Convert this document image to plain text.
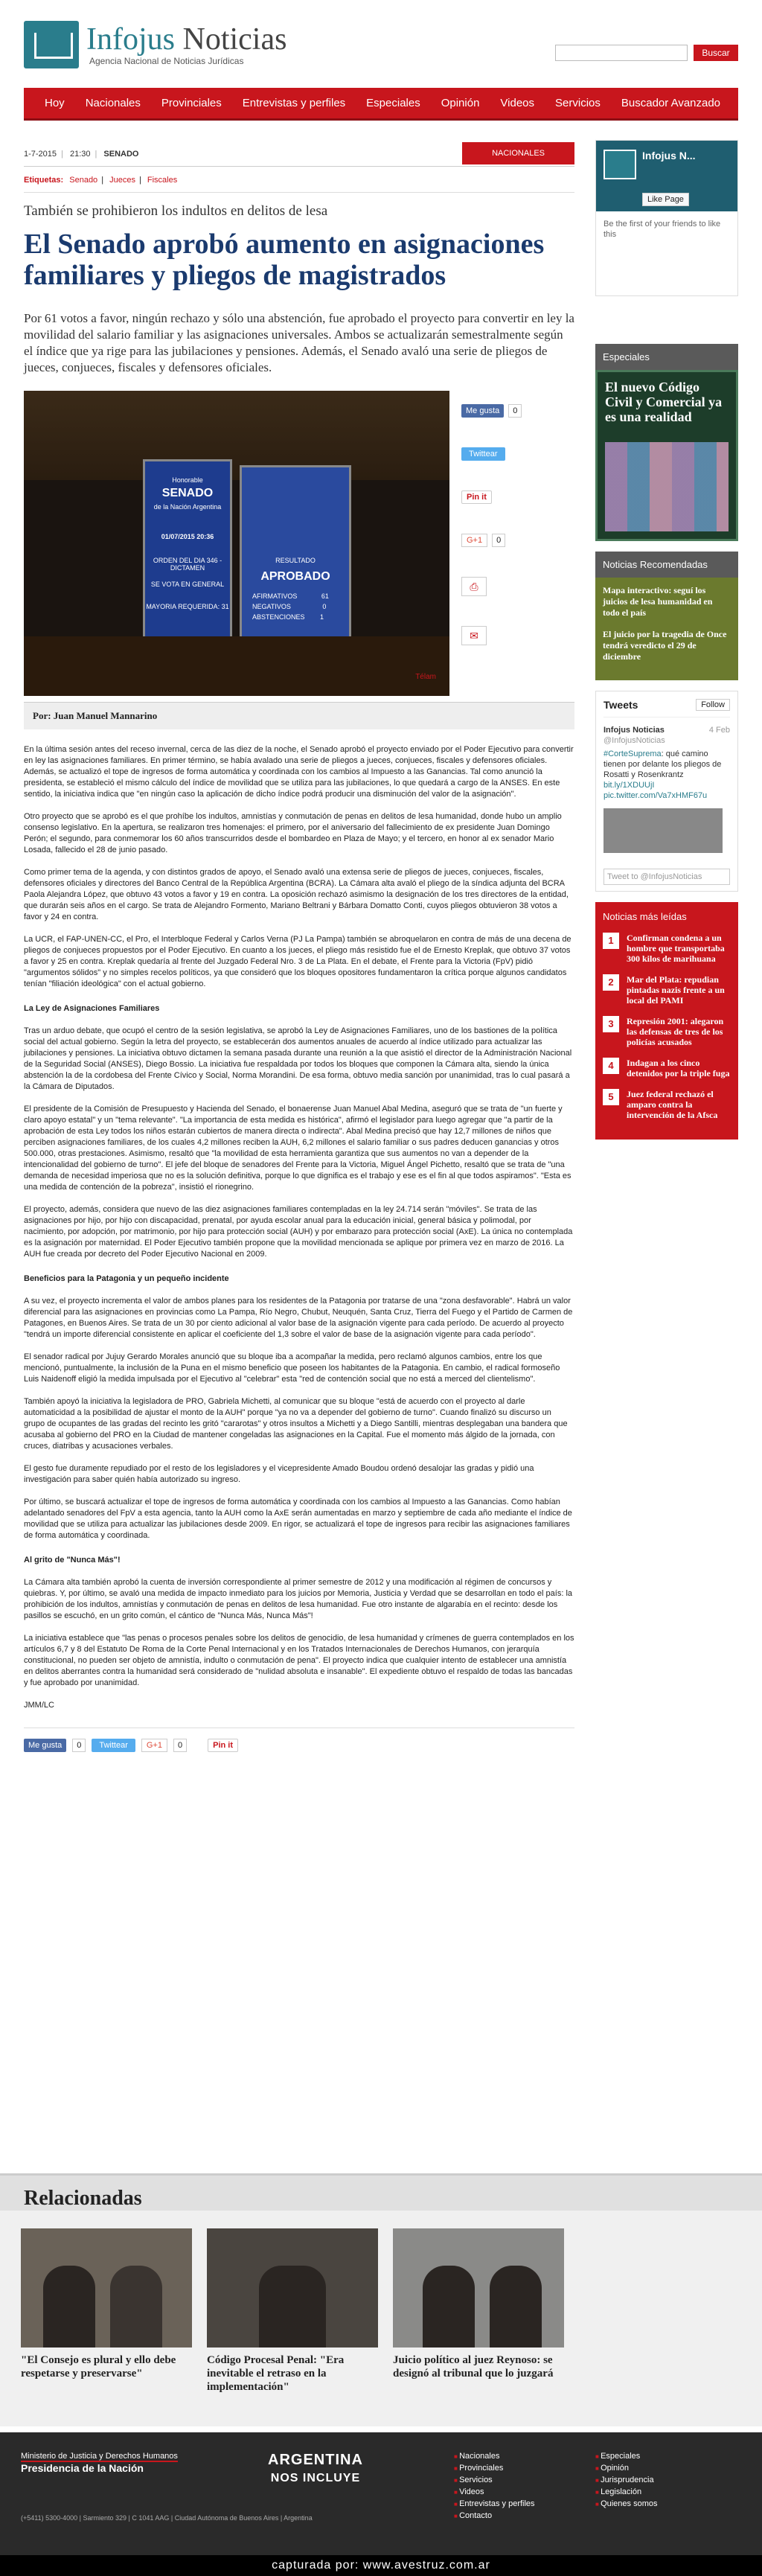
Infojus Noticias
Agencia Nacional de Noticias Jurídicas
Buscar
Hoy	Nacionales	Provinciales	Entrevistas y perfiles	Especiales	Opinión	Videos	Servicios	Buscador Avanzado
1-7-2015 | 21:30 | SENADO	NACIONALES
Etiquetas: Senado | Jueces | Fiscales
También se prohibieron los indultos en delitos de lesa
El Senado aprobó aumento en asignaciones familiares y pliegos de magistrados

Por 61 votos a favor, ningún rechazo y sólo una abstención, fue aprobado el proyecto para convertir en ley la movilidad del salario familiar y las asignaciones universales. Ambos se actualizarán semestralmente según el índice que ya rige para las jubilaciones y pensiones. Además, el Senado avaló una serie de pliegos de jueces, conjueces, fiscales y defensores oficiales.

Honorable
SENADO
de la Nación Argentina
01/07/2015 20:36
ORDEN DEL DIA 346 - DICTAMEN
SE VOTA EN GENERAL
MAYORIA REQUERIDA: 31
RESULTADO
APROBADO
AFIRMATIVOS	61
NEGATIVOS	0
ABSTENCIONES 1
Télam
Me gusta	0
Twittear
Pin it
G+1	0
⎙
✉
Por: Juan Manuel Mannarino

En la última sesión antes del receso invernal, cerca de las diez de la noche, el Senado aprobó el proyecto enviado por el Poder Ejecutivo para convertir en ley las asignaciones familiares. En primer término, se había avalado una serie de pliegos a jueces, conjueces, fiscales y defensores oficiales. Además, se actualizó el tope de ingresos de forma automática y coordinada con los cambios al Impuesto a las Ganancias. Tal como anunció la presidenta, se estableció el mismo cálculo del índice de movilidad que se utiliza para las jubilaciones, lo que quedará a cargo de la ANSES. En este sentido, la iniciativa indica que "en ningún caso la aplicación de dicho índice podrá producir una disminución del valor de la asignación".

Otro proyecto que se aprobó es el que prohíbe los indultos, amnistías y conmutación de penas en delitos de lesa humanidad, donde hubo un amplio consenso legislativo. En la apertura, se realizaron tres homenajes: el primero, por el aniversario del fallecimiento de ex presidente Juan Domingo Perón; el segundo, para conmemorar los 60 años transcurridos desde el bombardeo en Plaza de Mayo; y el tercero, en honor al ex senador Mario Losada, fallecido el 28 de junio pasado.

Como primer tema de la agenda, y con distintos grados de apoyo, el Senado avaló una extensa serie de pliegos de jueces, conjueces, fiscales, defensores oficiales y directores del Banco Central de la República Argentina (BCRA). La Cámara alta avaló el pliego de la síndica adjunta del BCRA Paola Alejandra López, que obtuvo 43 votos a favor y 19 en contra. La oposición rechazó asimismo la designación de los tres directores de la entidad, que durarán seis años en el cargo. Se trata de Alejandro Formento, Mariano Beltrani y Bárbara Domatto Conti, cuyos pliegos obtuvieron 38 votos a favor y 24 en contra.

La UCR, el FAP-UNEN-CC, el Pro, el Interbloque Federal y Carlos Verna (PJ La Pampa) también se abroquelaron en contra de más de una decena de pliegos de conjueces propuestos por el Poder Ejecutivo. En cuanto a los jueces, el pliego más resistido fue el de Ernesto Kreplak, que obtuvo 37 votos a favor y 25 en contra. Kreplak quedaría al frente del Juzgado Federal Nro. 3 de La Plata. En el debate, el Frente para la Victoria (FpV) pidió "argumentos sólidos" y no simples recelos políticos, ya que consideró que los bloques opositores fundamentaron la crítica porque algunos candidatos tenían "filiación ideológica" con el actual gobierno.

La Ley de Asignaciones Familiares

Tras un arduo debate, que ocupó el centro de la sesión legislativa, se aprobó la Ley de Asignaciones Familiares, uno de los bastiones de la política social del actual gobierno. Según la letra del proyecto, se establecerán dos aumentos anuales de acuerdo al índice utilizado para actualizar las jubilaciones y pensiones. La iniciativa obtuvo dictamen la semana pasada durante una reunión a la que asistió el director de la Administración Nacional de la Seguridad Social (ANSES), Diego Bossio. La iniciativa fue respaldada por todos los bloques que componen la Cámara alta, siendo la única abstención la de la cordobesa del Frente Cívico y Social, Norma Morandini. De esa forma, obtuvo media sanción por unanimidad, tras lo cual pasará a la Cámara de Diputados.

El presidente de la Comisión de Presupuesto y Hacienda del Senado, el bonaerense Juan Manuel Abal Medina, aseguró que se trata de "un fuerte y claro apoyo estatal" y un "tema relevante". "La importancia de esta medida es histórica", afirmó el legislador para luego agregar que "a partir de la aprobación de esta Ley todos los niños estarán cubiertos de manera directa o indirecta". Abal Medina precisó que hay 12,7 millones de niños que perciben asignaciones familiares, de los cuales 4,2 millones reciben la AUH, 6,2 millones el salario familiar o sus padres deducen ganancias y otros 500.000, otras prestaciones. Asimismo, resaltó que "la movilidad de esta herramienta garantiza que sus aumentos no van a depender de la intencionalidad del gobierno de turno". El jefe del bloque de senadores del Frente para la Victoria, Miguel Ángel Pichetto, resaltó que se trata de "una demanda de necesidad imperiosa que no es la solución definitiva, porque lo que dignifica es el trabajo y ese es el fin al que todos aspiramos". "Esta es una medida de contención de la pobreza", insistió el rionegrino.

El proyecto, además, considera que nuevo de las diez asignaciones familiares contempladas en la ley 24.714 serán "móviles". Se trata de las asignaciones por hijo, por hijo con discapacidad, prenatal, por ayuda escolar anual para la educación inicial, general básica y polimodal, por nacimiento, por adopción, por matrimonio, por hijo para protección social (AUH) y por embarazo para protección social (AxE). La única no contemplada es la asignación por maternidad. El Poder Ejecutivo también propone que la movilidad mencionada se aplique por primera vez en marzo de 2016. La AUH fue creada por decreto del Poder Ejecutivo Nacional en 2009.

Beneficios para la Patagonia y un pequeño incidente

A su vez, el proyecto incrementa el valor de ambos planes para los residentes de la Patagonia por tratarse de una "zona desfavorable". Habrá un valor diferencial para las asignaciones en provincias como La Pampa, Río Negro, Chubut, Neuquén, Santa Cruz, Tierra del Fuego y el Partido de Carmen de Patagones, en Buenos Aires. Se trata de un 30 por ciento adicional al valor base de la asignación vigente para cada período. De acuerdo al proyecto "tendrá un importe diferencial consistente en aplicar el coeficiente del 1,3 sobre el valor de base de la asignación vigente para cada período".

El senador radical por Jujuy Gerardo Morales anunció que su bloque iba a acompañar la medida, pero reclamó algunos cambios, entre los que mencionó, puntualmente, la inclusión de la Puna en el mismo beneficio que poseen los habitantes de la Patagonia. En cambio, el radical formoseño Luis Naidenoff eligió la medida impulsada por el Ejecutivo al "celebrar" esta "red de contención social que no está a merced del clientelismo".

También apoyó la iniciativa la legisladora de PRO, Gabriela Michetti, al comunicar que su bloque "está de acuerdo con el proyecto al darle automaticidad a la posibilidad de ajustar el monto de la AUH" porque "ya no va a depender del gobierno de turno". Cuando finalizó su discurso un grupo de ocupantes de las gradas del recinto les gritó "cararotas" y otros insultos a Michetti y a Diego Santilli, mientras desplegaban una bandera que acusaba al gobierno del PRO en la Ciudad de mantener congeladas las asignaciones en la Capital. Fue el momento más álgido de la jornada, con cruces, diatribas y acusaciones verbales.

El gesto fue duramente repudiado por el resto de los legisladores y el vicepresidente Amado Boudou ordenó desalojar las gradas y pidió una investigación para saber quién había autorizado su ingreso.

Por último, se buscará actualizar el tope de ingresos de forma automática y coordinada con los cambios al Impuesto a las Ganancias. Como habían adelantado senadores del FpV a esta agencia, tanto la AUH como la AxE serán aumentadas en marzo y septiembre de cada año mediante el índice de movilidad que se utiliza para actualizar las jubilaciones desde 2009. En rigor, se actualizará el tope de ingresos para recibir las asignaciones familiares de forma automática y coordinada.

Al grito de "Nunca Más"!

La Cámara alta también aprobó la cuenta de inversión correspondiente al primer semestre de 2012 y una modificación al régimen de concursos y quiebras. Y, por último, se avaló una medida de impacto inmediato para los juicios por Memoria, Justicia y Verdad que se desarrollan en todo el país: la prohibición de los indultos, amnistías y conmutación de penas en delitos de lesa humanidad. Fue otro instante de algarabía en el recinto: desde los pasillos se escuchó, en un grito común, el cántico de "Nunca Más, Nunca Más"!

La iniciativa establece que "las penas o procesos penales sobre los delitos de genocidio, de lesa humanidad y crímenes de guerra contemplados en los artículos 6,7 y 8 del Estatuto De Roma de la Corte Penal Internacional y en los Tratados Internacionales de Derechos Humanos, con jerarquía constitucional, no pueden ser objeto de amnistía, indulto o conmutación de pena". El proyecto indica que cualquier intento de establecer una amnistía en delitos aberrantes contra la humanidad será considerado de "nulidad absoluta e insanable". El expediente obtuvo el respaldo de todas las bancadas y fue aprobado por unanimidad.

JMM/LC

Me gusta	0	Twittear	G+1	0	Pin it
Infojus N...
Like Page
Be the first of your friends to like this
Especiales
El nuevo Código Civil y Comercial ya es una realidad
Noticias Recomendadas
Mapa interactivo: seguí los juicios de lesa humanidad en todo el país
El juicio por la tragedia de Once tendrá veredicto el 29 de diciembre
Tweets	Follow
Infojus Noticias	4 Feb
@InfojusNoticias
#CorteSuprema: qué camino tienen por delante los pliegos de Rosatti y Rosenkrantz bit.ly/1XDUUjI pic.twitter.com/Va7xHMF67u
Tweet to @InfojusNoticias
Noticias más leídas
1	Confirman condena a un hombre que transportaba 300 kilos de marihuana
2	Mar del Plata: repudian pintadas nazis frente a un local del PAMI
3	Represión 2001: alegaron las defensas de tres de los policías acusados
4	Indagan a los cinco detenidos por la triple fuga
5	Juez federal rechazó el amparo contra la intervención de la Afsca
Relacionadas
"El Consejo es plural y ello debe respetarse y preservarse"
Código Procesal Penal: "Era inevitable el retraso en la implementación"
Juicio político al juez Reynoso: se designó al tribunal que lo juzgará
Ministerio de Justicia y Derechos Humanos
Presidencia de la Nación
(+5411) 5300-4000 | Sarmiento 329 | C 1041 AAG | Ciudad Autónoma de Buenos Aires | Argentina
ARGENTINA
NOS INCLUYE
■ Nacionales	■ Especiales
■ Provinciales	■ Opinión
■ Servicios	■ Jurisprudencia
■ Videos	■ Legislación
■ Entrevistas y perfiles	■ Quienes somos
■ Contacto
capturada por: www.avestruz.com.ar
